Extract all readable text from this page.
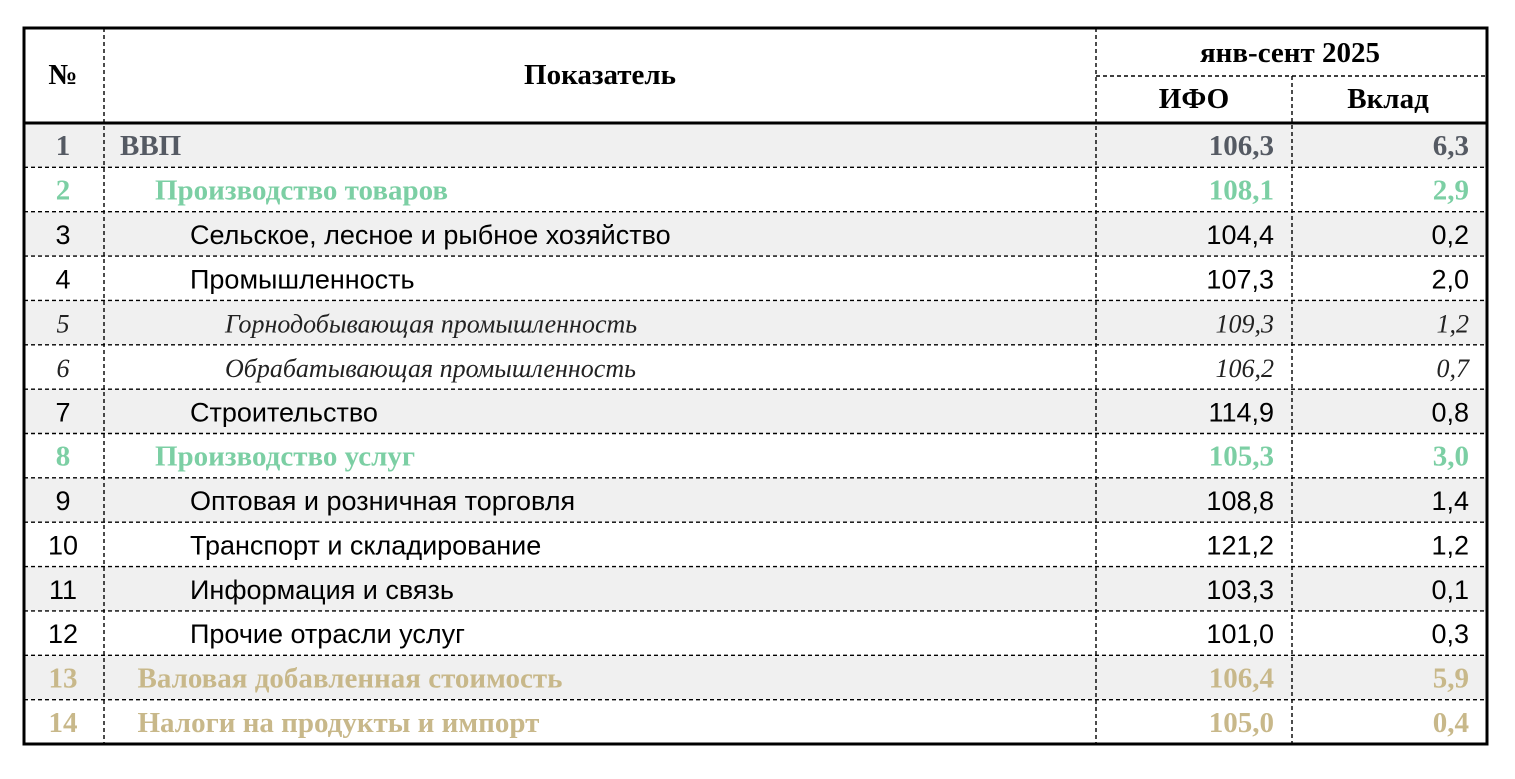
№	Показатель
янв-сент 2025
ИФО	Вклад
1 ВВП	106,3	6,3
2	Производство товаров	108,1	2,9
3	Сельское, лесное и рыбное хозяйство	104,4	0,2
4	Промышленность	107,3	2,0
5	Горнодобывающая промышленность	109,3	1,2
6	Обрабатывающая промышленность	106,2	0,7
7	Строительство	114,9	0,8
8	Производство услуг	105,3	3,0
9	Оптовая и розничная торговля	108,8	1,4
10	Транспорт и складирование	121,2	1,2
11	Информация и связь	103,3	0,1
12	Прочие отрасли услуг	101,0	0,3
13 Валовая добавленная стоимость	106,4	5,9
14 Налоги на продукты и импорт	105,0	0,4
